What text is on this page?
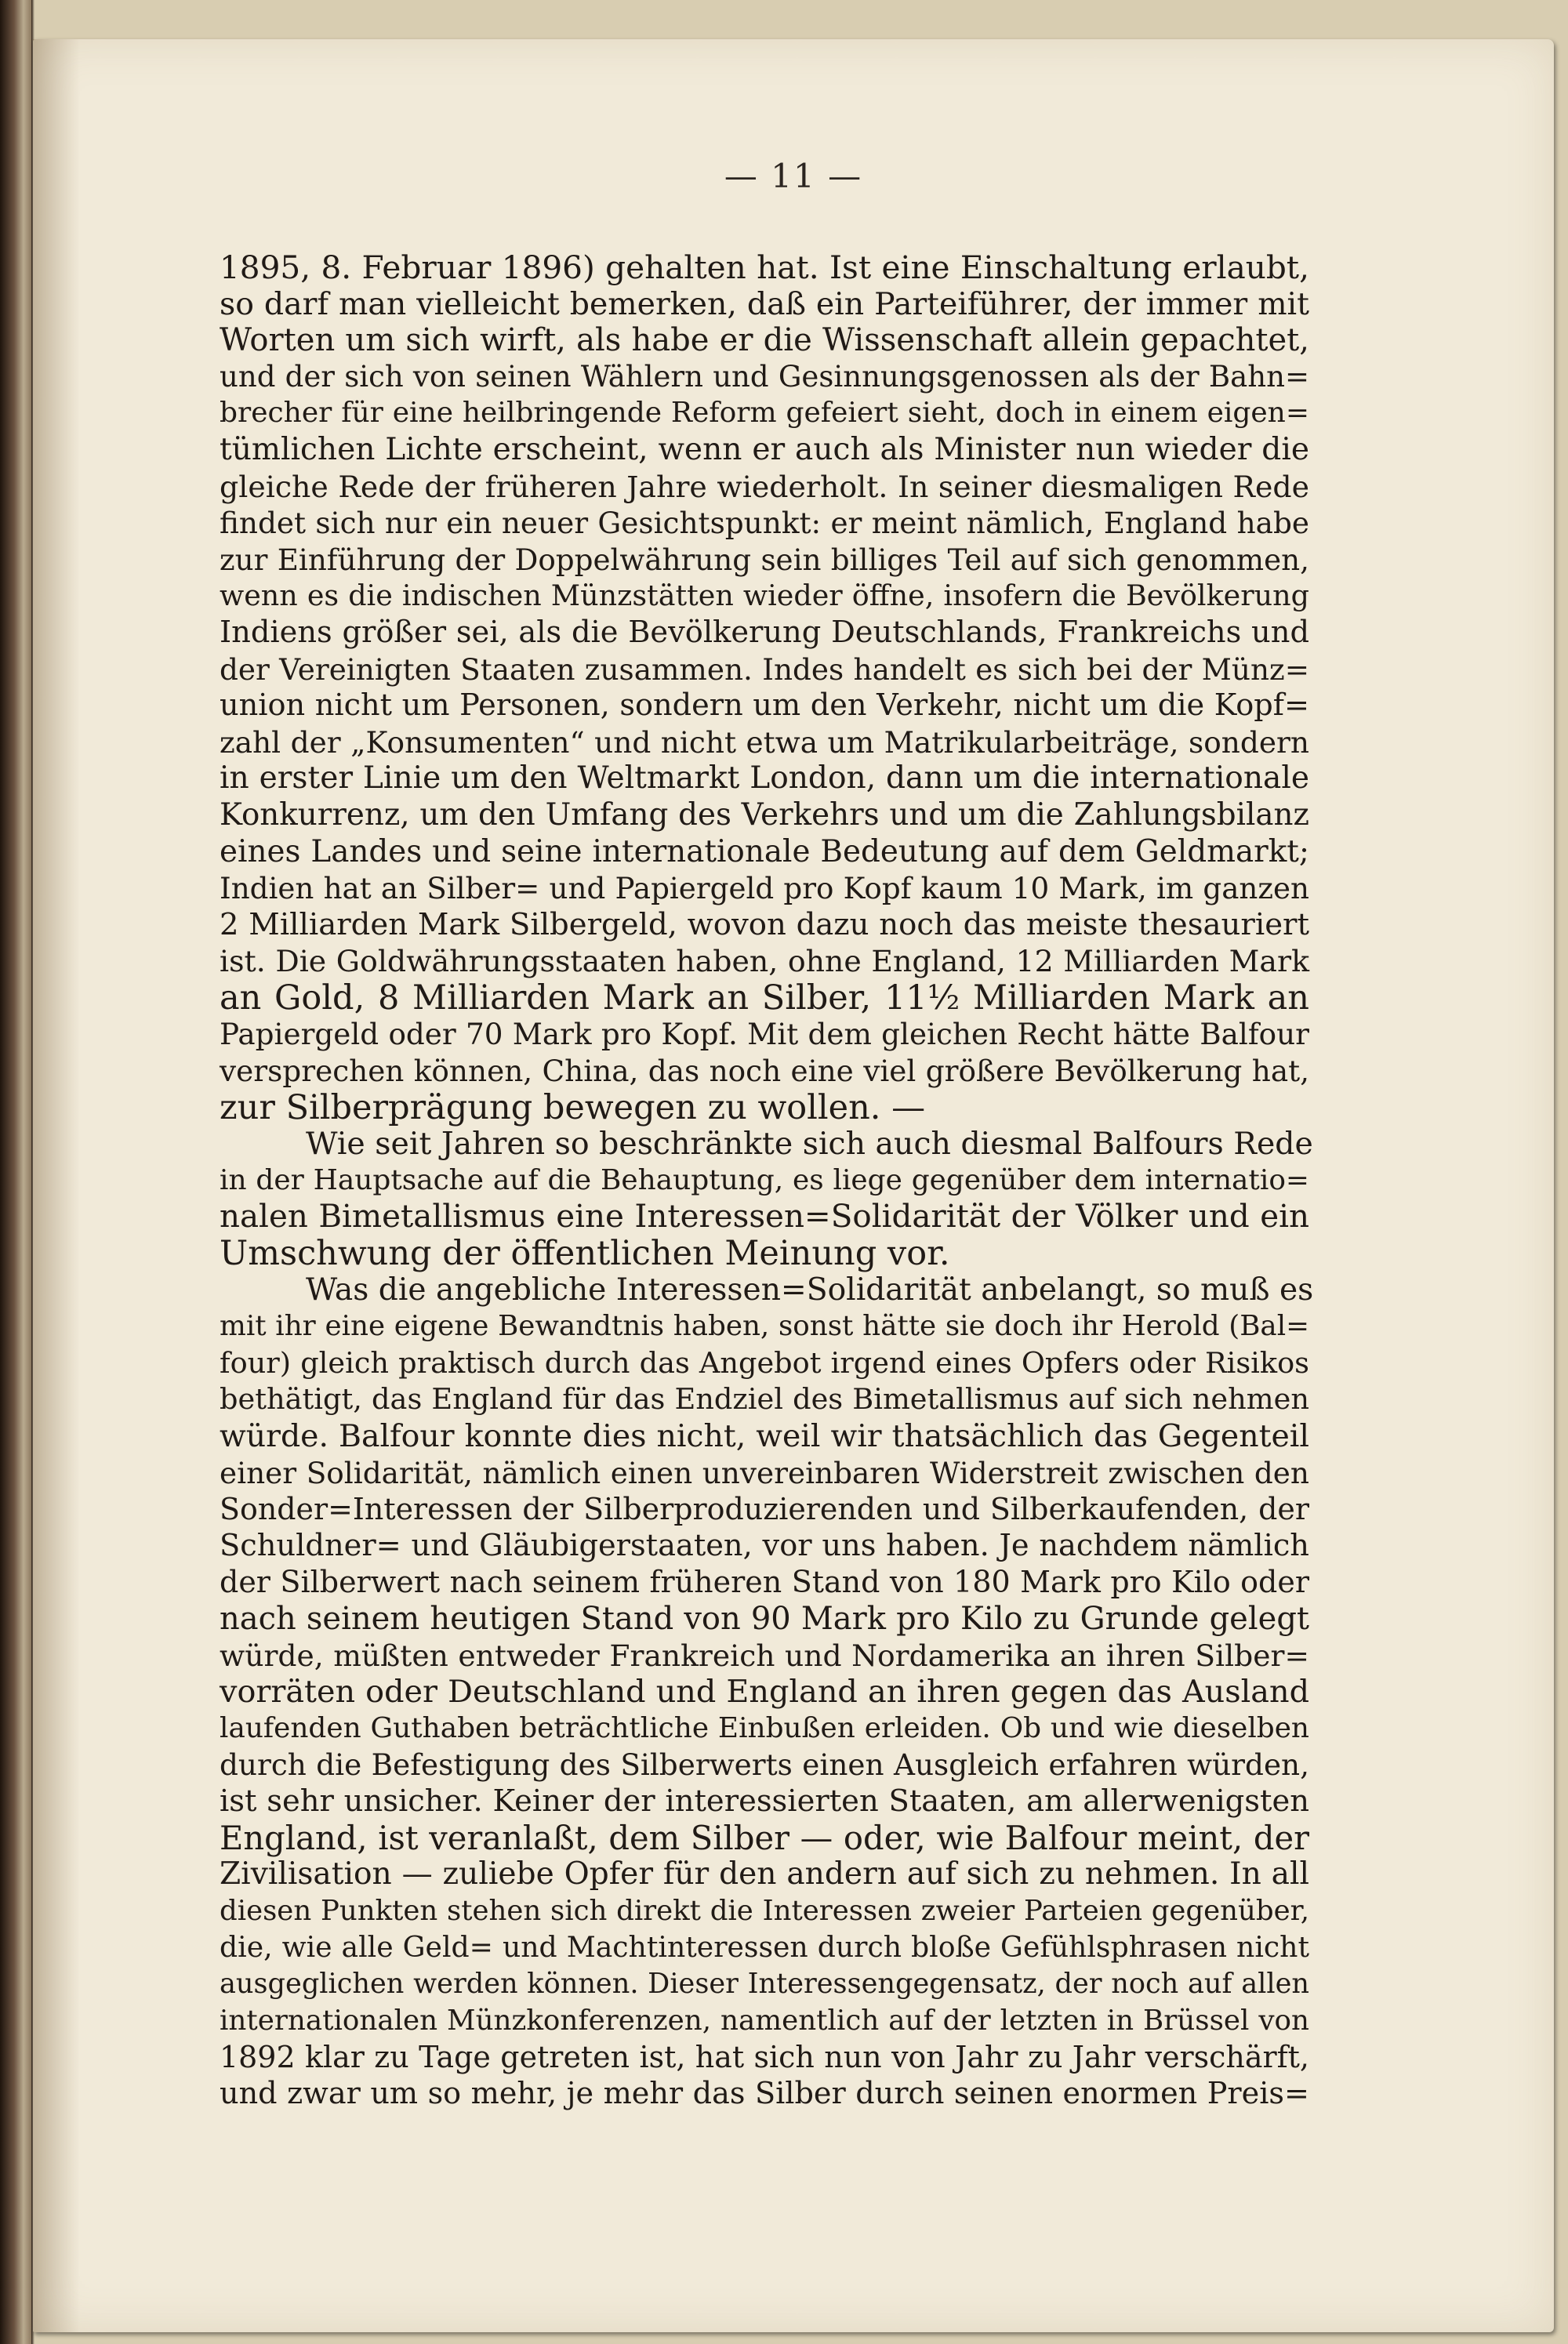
— 11 —
1895, 8. Februar 1896) gehalten hat. Ist eine Einschaltung erlaubt,
so darf man vielleicht bemerken, daß ein Parteiführer, der immer mit
Worten um sich wirft, als habe er die Wissenschaft allein gepachtet,
und der sich von seinen Wählern und Gesinnungsgenossen als der Bahn=
brecher für eine heilbringende Reform gefeiert sieht, doch in einem eigen=
tümlichen Lichte erscheint, wenn er auch als Minister nun wieder die
gleiche Rede der früheren Jahre wiederholt. In seiner diesmaligen Rede
findet sich nur ein neuer Gesichtspunkt: er meint nämlich, England habe
zur Einführung der Doppelwährung sein billiges Teil auf sich genommen,
wenn es die indischen Münzstätten wieder öffne, insofern die Bevölkerung
Indiens größer sei, als die Bevölkerung Deutschlands, Frankreichs und
der Vereinigten Staaten zusammen. Indes handelt es sich bei der Münz=
union nicht um Personen, sondern um den Verkehr, nicht um die Kopf=
zahl der „Konsumenten“ und nicht etwa um Matrikularbeiträge, sondern
in erster Linie um den Weltmarkt London, dann um die internationale
Konkurrenz, um den Umfang des Verkehrs und um die Zahlungsbilanz
eines Landes und seine internationale Bedeutung auf dem Geldmarkt;
Indien hat an Silber= und Papiergeld pro Kopf kaum 10 Mark, im ganzen
2 Milliarden Mark Silbergeld, wovon dazu noch das meiste thesauriert
ist. Die Goldwährungsstaaten haben, ohne England, 12 Milliarden Mark
an Gold, 8 Milliarden Mark an Silber, 11½ Milliarden Mark an
Papiergeld oder 70 Mark pro Kopf. Mit dem gleichen Recht hätte Balfour
versprechen können, China, das noch eine viel größere Bevölkerung hat,
zur Silberprägung bewegen zu wollen. —
Wie seit Jahren so beschränkte sich auch diesmal Balfours Rede
in der Hauptsache auf die Behauptung, es liege gegenüber dem internatio=
nalen Bimetallismus eine Interessen=Solidarität der Völker und ein
Umschwung der öffentlichen Meinung vor.
Was die angebliche Interessen=Solidarität anbelangt, so muß es
mit ihr eine eigene Bewandtnis haben, sonst hätte sie doch ihr Herold (Bal=
four) gleich praktisch durch das Angebot irgend eines Opfers oder Risikos
bethätigt, das England für das Endziel des Bimetallismus auf sich nehmen
würde. Balfour konnte dies nicht, weil wir thatsächlich das Gegenteil
einer Solidarität, nämlich einen unvereinbaren Widerstreit zwischen den
Sonder=Interessen der Silberproduzierenden und Silberkaufenden, der
Schuldner= und Gläubigerstaaten, vor uns haben. Je nachdem nämlich
der Silberwert nach seinem früheren Stand von 180 Mark pro Kilo oder
nach seinem heutigen Stand von 90 Mark pro Kilo zu Grunde gelegt
würde, müßten entweder Frankreich und Nordamerika an ihren Silber=
vorräten oder Deutschland und England an ihren gegen das Ausland
laufenden Guthaben beträchtliche Einbußen erleiden. Ob und wie dieselben
durch die Befestigung des Silberwerts einen Ausgleich erfahren würden,
ist sehr unsicher. Keiner der interessierten Staaten, am allerwenigsten
England, ist veranlaßt, dem Silber — oder, wie Balfour meint, der
Zivilisation — zuliebe Opfer für den andern auf sich zu nehmen. In all
diesen Punkten stehen sich direkt die Interessen zweier Parteien gegenüber,
die, wie alle Geld= und Machtinteressen durch bloße Gefühlsphrasen nicht
ausgeglichen werden können. Dieser Interessengegensatz, der noch auf allen
internationalen Münzkonferenzen, namentlich auf der letzten in Brüssel von
1892 klar zu Tage getreten ist, hat sich nun von Jahr zu Jahr verschärft,
und zwar um so mehr, je mehr das Silber durch seinen enormen Preis=
